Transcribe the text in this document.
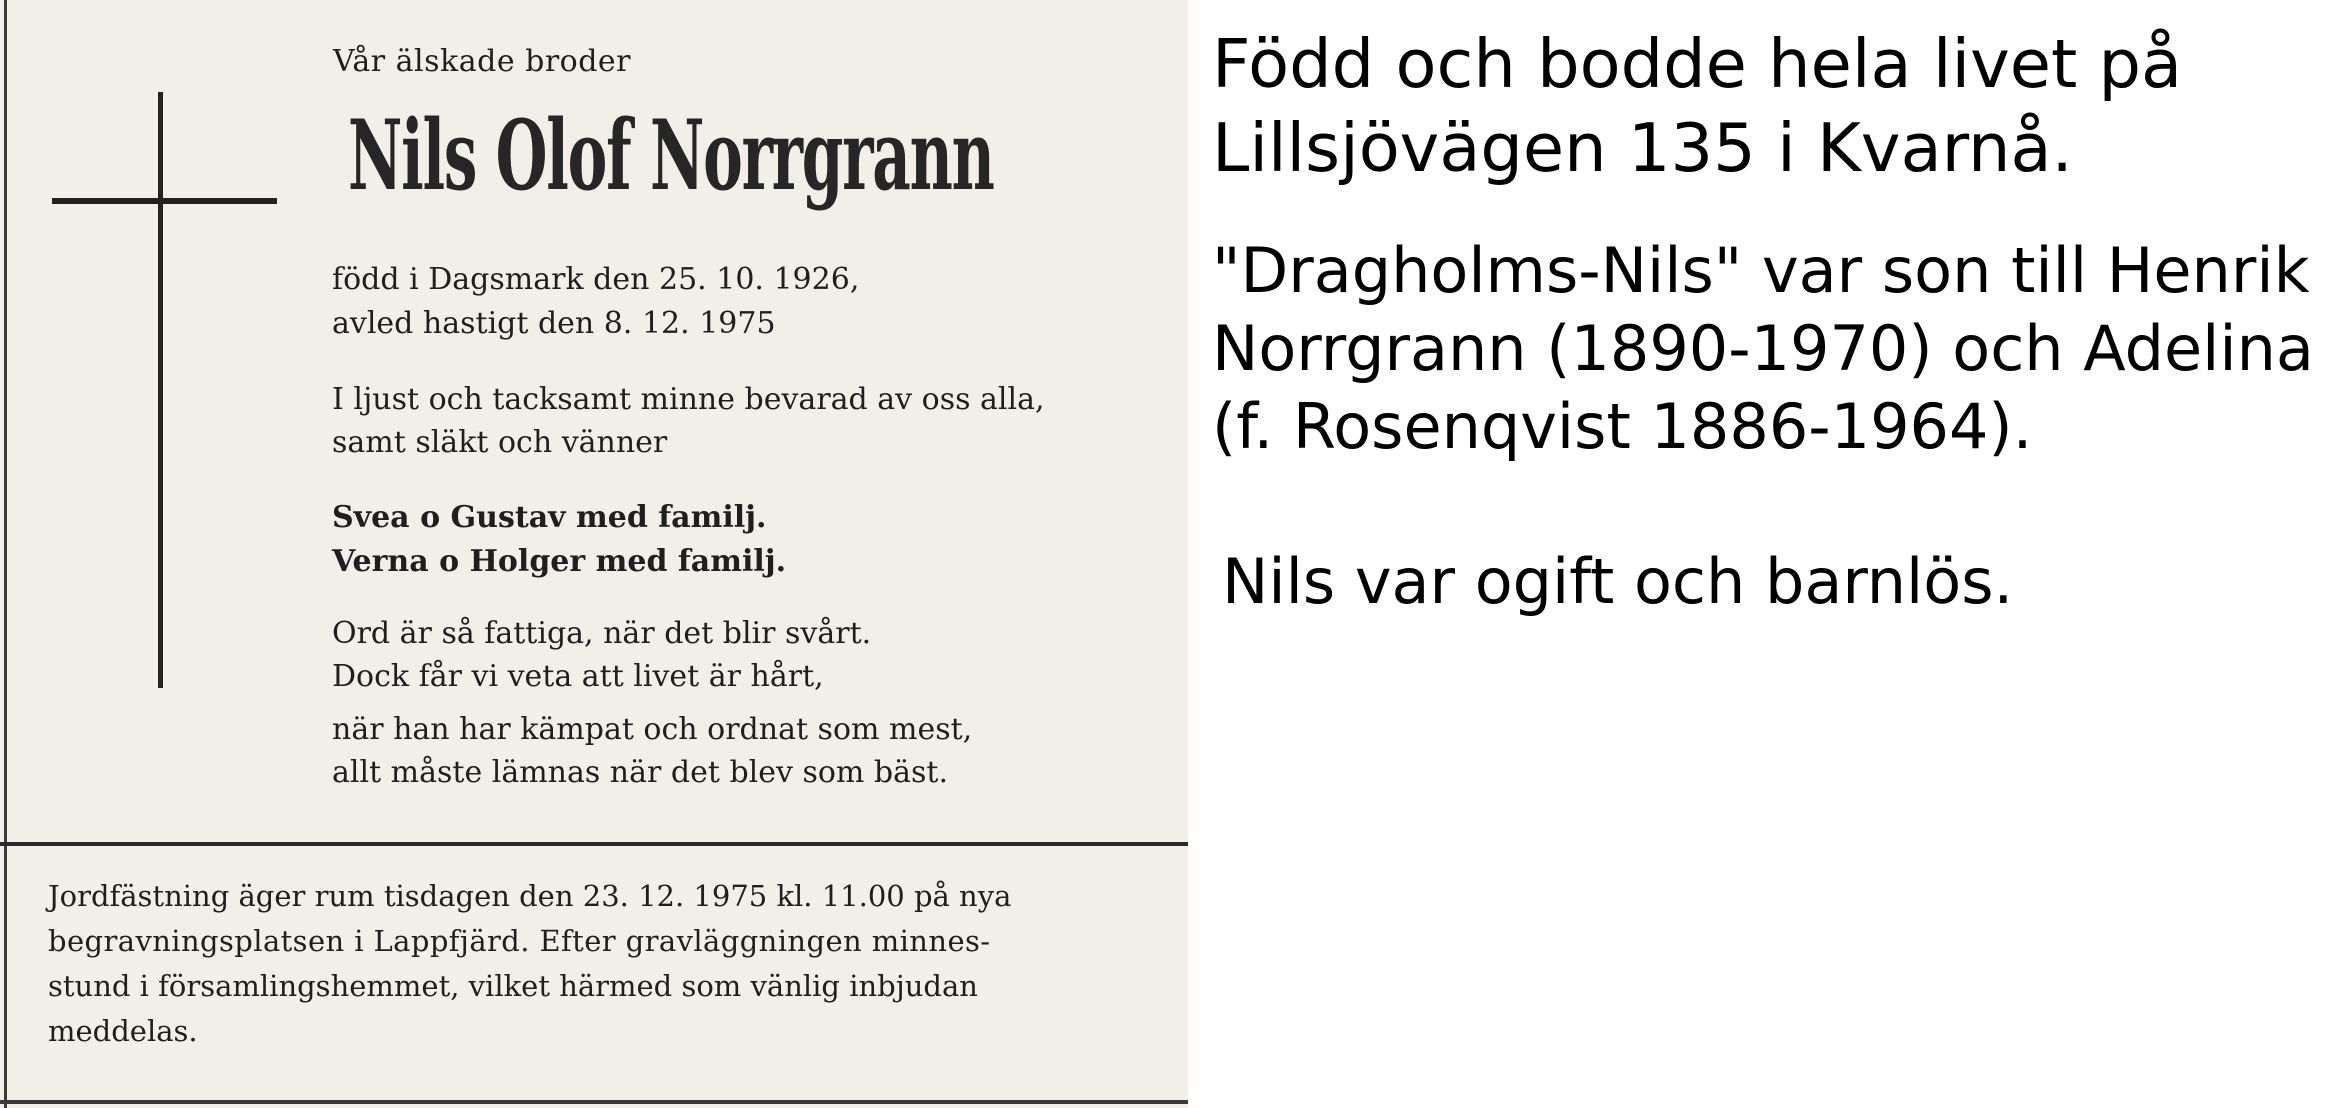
Vår älskade broder
Nils Olof Norrgrann
född i Dagsmark den 25. 10. 1926,
avled hastigt den 8. 12. 1975
I ljust och tacksamt minne bevarad av oss alla,
samt släkt och vänner
Svea o Gustav med familj.
Verna o Holger med familj.
Ord är så fattiga, när det blir svårt.
Dock får vi veta att livet är hårt,
när han har kämpat och ordnat som mest,
allt måste lämnas när det blev som bäst.
Jordfästning äger rum tisdagen den 23. 12. 1975 kl. 11.00 på nya
begravningsplatsen i Lappfjärd. Efter gravläggningen minnes-
stund i församlingshemmet, vilket härmed som vänlig inbjudan
meddelas.
Född och bodde hela livet på
Lillsjövägen 135 i Kvarnå.
"Dragholms-Nils" var son till Henrik
Norrgrann (1890-1970) och Adelina
(f. Rosenqvist 1886-1964).
Nils var ogift och barnlös.
